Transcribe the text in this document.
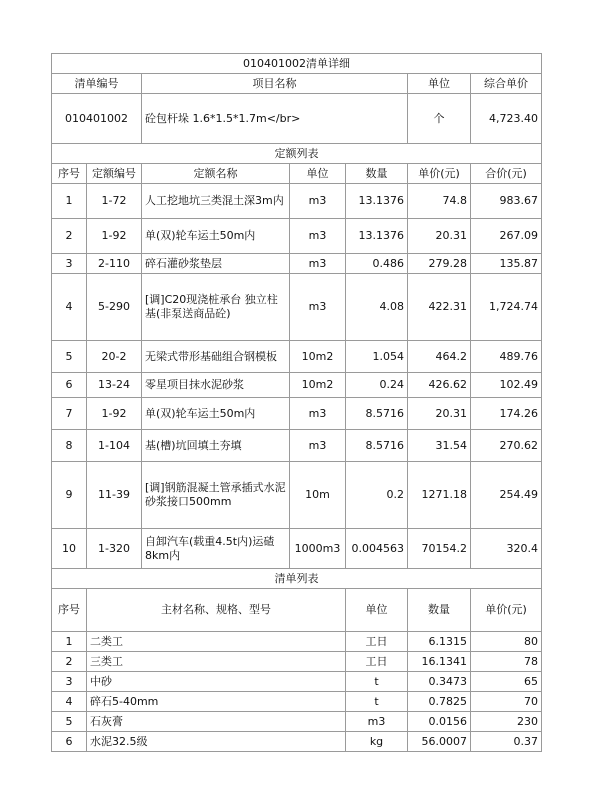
010401002清单详细							
清单编号		项目名称			单位	综合单价	
010401002		砼包杆垛 1.6*1.5*1.7m</br>			个	4,723.40	
定额列表							
序号	定额编号	定额名称	单位	数量	单价(元)	合价(元)	
1	1-72	人工挖地坑三类混土深3m内	m3	13.1376	74.8	983.67	
2	1-92	单(双)轮车运土50m内	m3	13.1376	20.31	267.09	
3	2-110	碎石灌砂浆垫层	m3	0.486	279.28	135.87	
4	5-290	[调]C20现浇桩承台 独立柱基(非泵送商品砼)	m3	4.08	422.31	1,724.74	
5	20-2	无梁式带形基础组合钢模板	10m2	1.054	464.2	489.76	
6	13-24	零星项目抹水泥砂浆	10m2	0.24	426.62	102.49	
7	1-92	单(双)轮车运土50m内	m3	8.5716	20.31	174.26	
8	1-104	基(槽)坑回填土夯填	m3	8.5716	31.54	270.62	
9	11-39	[调]钢筋混凝土管承插式水泥砂浆接口500mm	10m	0.2	1271.18	254.49	
10	1-320	自卸汽车(载重4.5t内)运碴8km内	1000m3	0.004563	70154.2	320.4	
清单列表							
序号	主材名称、规格、型号			单位	数量	单价(元)	
1	二类工			工日	6.1315	80	
2	三类工			工日	16.1341	78	
3	中砂			t	0.3473	65	
4	碎石5-40mm			t	0.7825	70	
5	石灰膏			m3	0.0156	230	
6	水泥32.5级			kg	56.0007	0.37	
